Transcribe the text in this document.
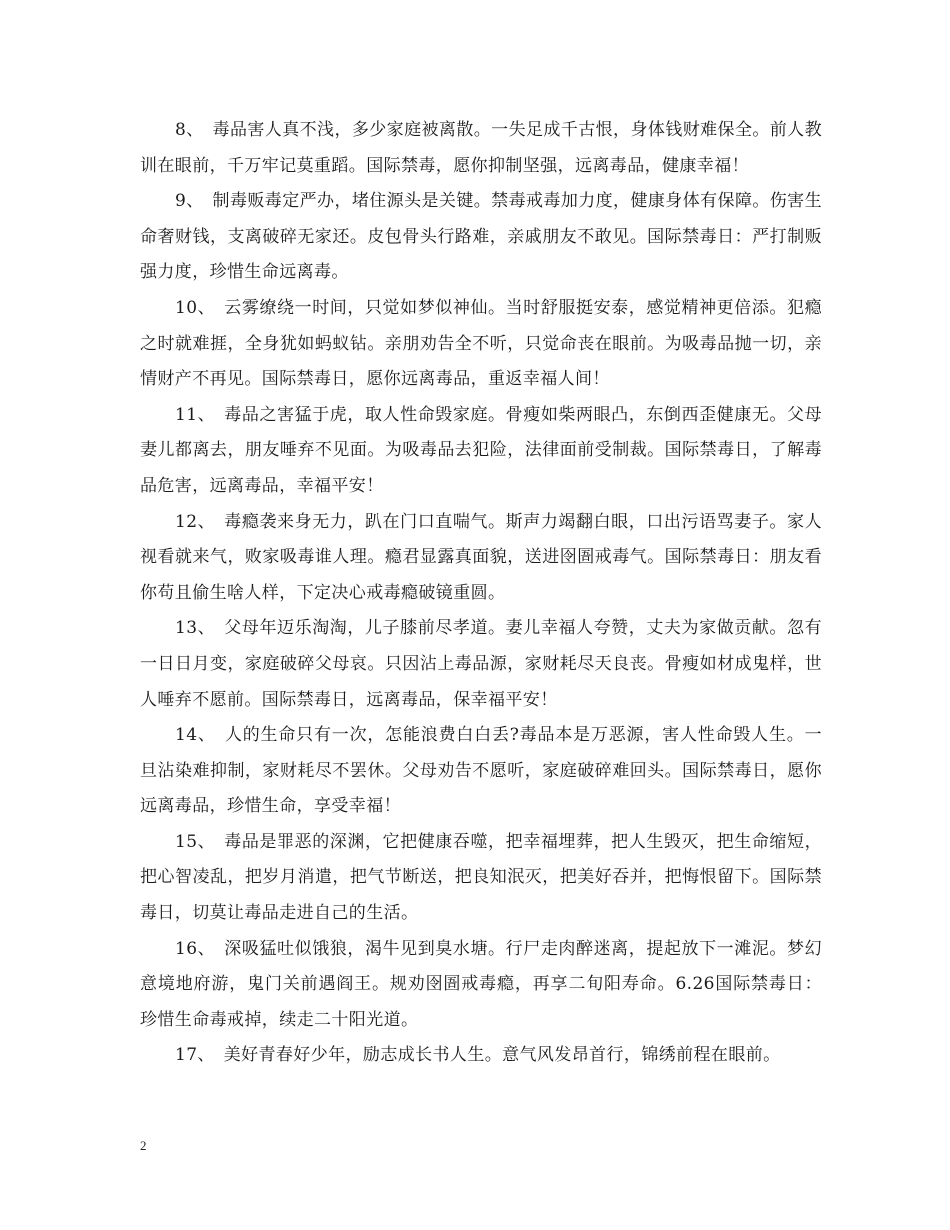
8、　毒品害人真不浅，多少家庭被离散。一失足成千古恨，身体钱财难保全。前人教训在眼前，千万牢记莫重蹈。国际禁毒，愿你抑制坚强，远离毒品，健康幸福！

9、　制毒贩毒定严办，堵住源头是关键。禁毒戒毒加力度，健康身体有保障。伤害生命奢财钱，支离破碎无家还。皮包骨头行路难，亲戚朋友不敢见。国际禁毒日：严打制贩强力度，珍惜生命远离毒。

10、　云雾缭绕一时间，只觉如梦似神仙。当时舒服挺安泰，感觉精神更倍添。犯瘾之时就难捱，全身犹如蚂蚁钻。亲朋劝告全不听，只觉命丧在眼前。为吸毒品抛一切，亲情财产不再见。国际禁毒日，愿你远离毒品，重返幸福人间！

11、　毒品之害猛于虎，取人性命毁家庭。骨瘦如柴两眼凸，东倒西歪健康无。父母妻儿都离去，朋友唾弃不见面。为吸毒品去犯险，法律面前受制裁。国际禁毒日，了解毒品危害，远离毒品，幸福平安！

12、　毒瘾袭来身无力，趴在门口直喘气。斯声力竭翻白眼，口出污语骂妻子。家人视看就来气，败家吸毒谁人理。瘾君显露真面貌，送进囹圄戒毒气。国际禁毒日：朋友看你苟且偷生啥人样，下定决心戒毒瘾破镜重圆。

13、　父母年迈乐淘淘，儿子膝前尽孝道。妻儿幸福人夸赞，丈夫为家做贡献。忽有一日日月变，家庭破碎父母哀。只因沾上毒品源，家财耗尽天良丧。骨瘦如材成鬼样，世人唾弃不愿前。国际禁毒日，远离毒品，保幸福平安！

14、　人的生命只有一次，怎能浪费白白丢?毒品本是万恶源，害人性命毁人生。一旦沾染难抑制，家财耗尽不罢休。父母劝告不愿听，家庭破碎难回头。国际禁毒日，愿你远离毒品，珍惜生命，享受幸福！

15、　毒品是罪恶的深渊，它把健康吞噬，把幸福埋葬，把人生毁灭，把生命缩短，把心智凌乱，把岁月消遣，把气节断送，把良知泯灭，把美好吞并，把悔恨留下。国际禁毒日，切莫让毒品走进自己的生活。

16、　深吸猛吐似饿狼，渴牛见到臭水塘。行尸走肉醉迷离，提起放下一滩泥。梦幻意境地府游，鬼门关前遇阎王。规劝囹圄戒毒瘾，再享二旬阳寿命。6.26国际禁毒日：珍惜生命毒戒掉，续走二十阳光道。

17、　美好青春好少年，励志成长书人生。意气风发昂首行，锦绣前程在眼前。

2
